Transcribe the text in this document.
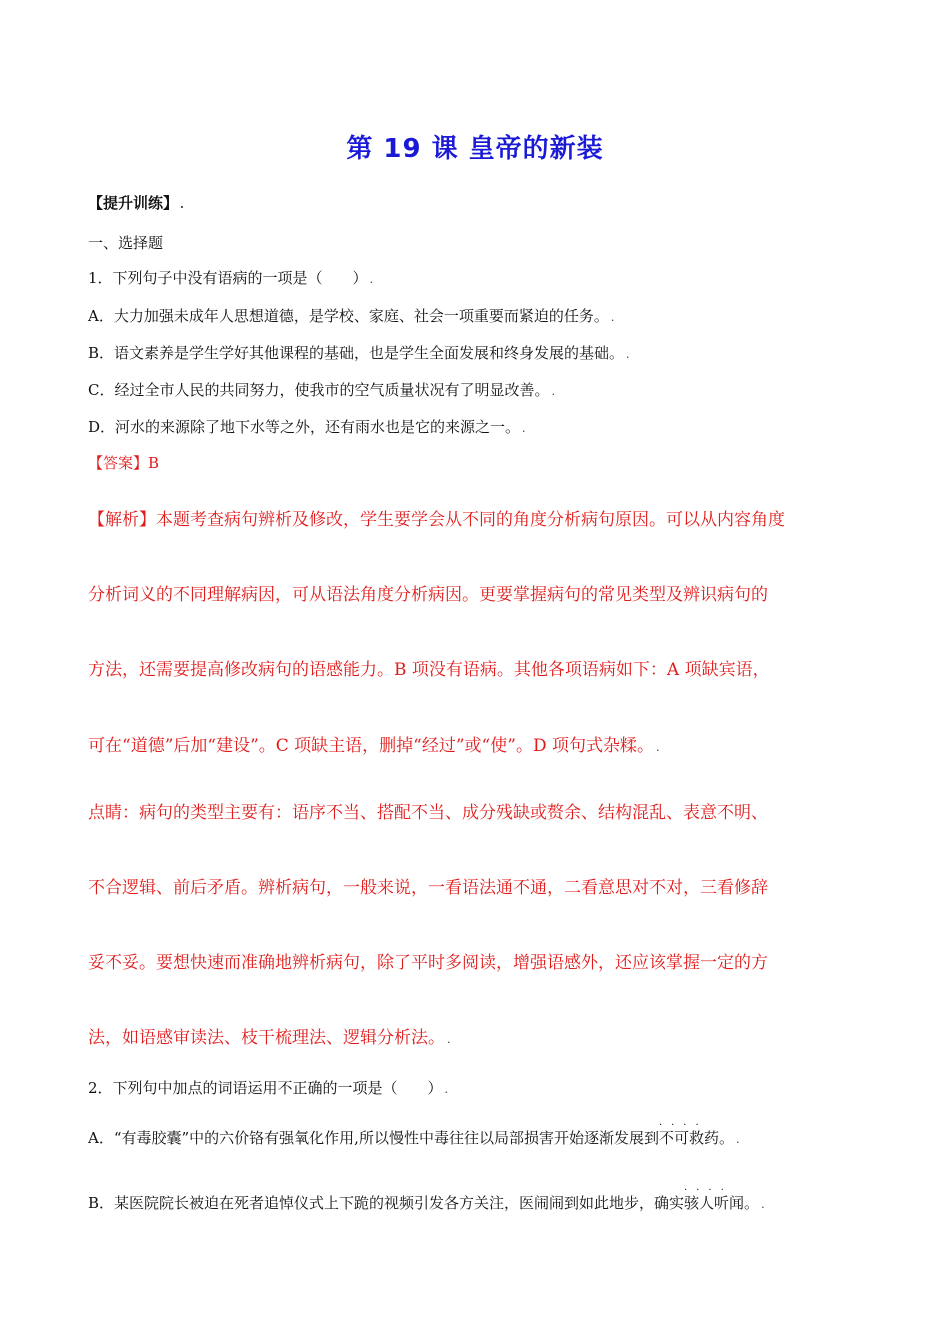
第 19 课 皇帝的新装
【提升训练】 .
一、选择题
1．下列句子中没有语病的一项是（　　） .
A．大力加强未成年人思想道德，是学校、家庭、社会一项重要而紧迫的任务。 .
B．语文素养是学生学好其他课程的基础，也是学生全面发展和终身发展的基础。 .
C．经过全市人民的共同努力，使我市的空气质量状况有了明显改善。 .
D．河水的来源除了地下水等之外，还有雨水也是它的来源之一。 .
【答案】B
【解析】本题考查病句辨析及修改，学生要学会从不同的角度分析病句原因。可以从内容角度
分析词义的不同理解病因，可从语法角度分析病因。更要掌握病句的常见类型及辨识病句的
方法，还需要提高修改病句的语感能力。B 项没有语病。其他各项语病如下：A 项缺宾语，
可在“道德”后加“建设”。C 项缺主语，删掉“经过”或“使”。D 项句式杂糅。 .
点睛：病句的类型主要有：语序不当、搭配不当、成分残缺或赘余、结构混乱、表意不明、
不合逻辑、前后矛盾。辨析病句，一般来说，一看语法通不通，二看意思对不对，三看修辞
妥不妥。要想快速而准确地辨析病句，除了平时多阅读，增强语感外，还应该掌握一定的方
法，如语感审读法、枝干梳理法、逻辑分析法。 .
2．下列句中加点的词语运用不正确的一项是（　　） .
A．“有毒胶囊”中的六价铬有强氧化作用,所以慢性中毒往往以局部损害开始逐渐发展到
····
不可救药。 .
B．某医院院长被迫在死者追悼仪式上下跪的视频引发各方关注，医闹闹到如此地步，确实
····
骇人听闻。 .
